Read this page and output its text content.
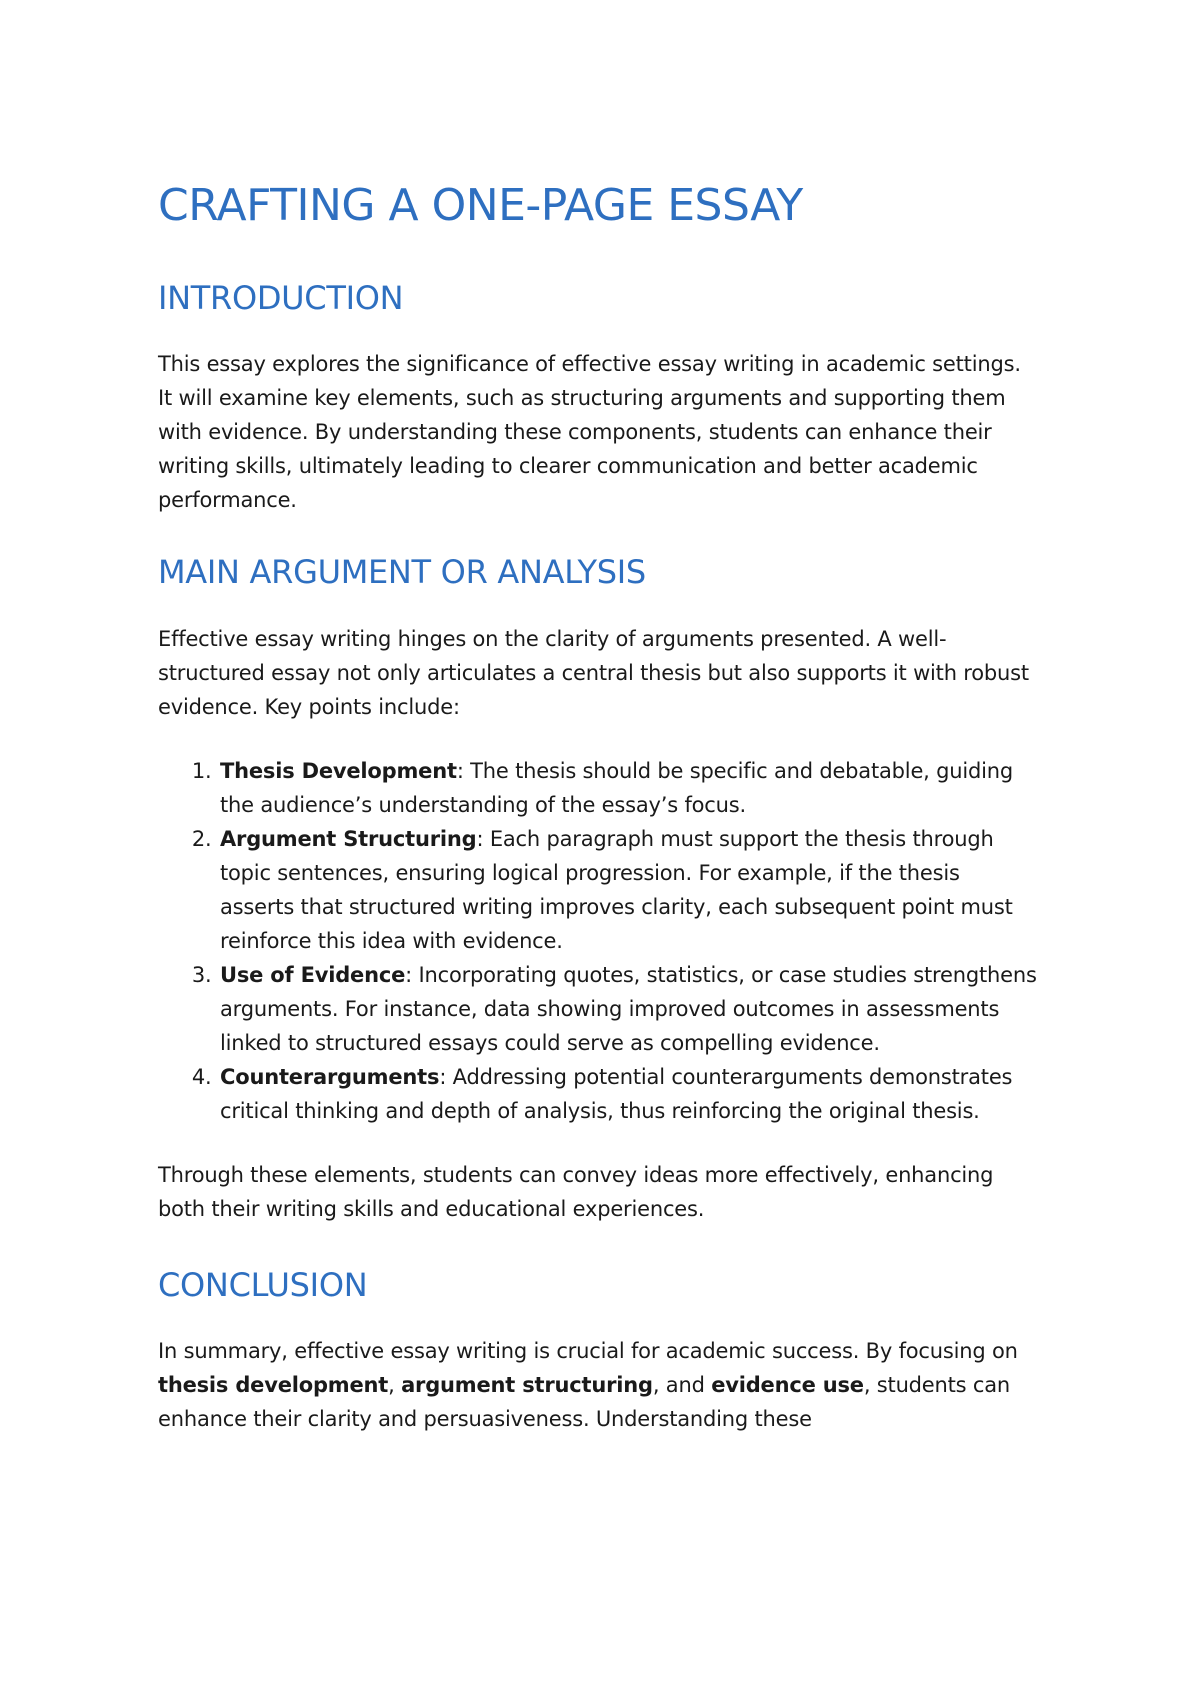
CRAFTING A ONE-PAGE ESSAY
INTRODUCTION

This essay explores the significance of effective essay writing in academic settings. It will examine key elements, such as structuring arguments and supporting them with evidence. By understanding these components, students can enhance their writing skills, ultimately leading to clearer communication and better academic performance.

MAIN ARGUMENT OR ANALYSIS

Effective essay writing hinges on the clarity of arguments presented. A well-structured essay not only articulates a central thesis but also supports it with robust evidence. Key points include:

1. Thesis Development: The thesis should be specific and debatable, guiding the audience’s understanding of the essay’s focus.
2. Argument Structuring: Each paragraph must support the thesis through topic sentences, ensuring logical progression. For example, if the thesis asserts that structured writing improves clarity, each subsequent point must reinforce this idea with evidence.
3. Use of Evidence: Incorporating quotes, statistics, or case studies strengthens arguments. For instance, data showing improved outcomes in assessments linked to structured essays could serve as compelling evidence.
4. Counterarguments: Addressing potential counterarguments demonstrates critical thinking and depth of analysis, thus reinforcing the original thesis.

Through these elements, students can convey ideas more effectively, enhancing both their writing skills and educational experiences.

CONCLUSION

In summary, effective essay writing is crucial for academic success. By focusing on thesis development, argument structuring, and evidence use, students can enhance their clarity and persuasiveness. Understanding these
